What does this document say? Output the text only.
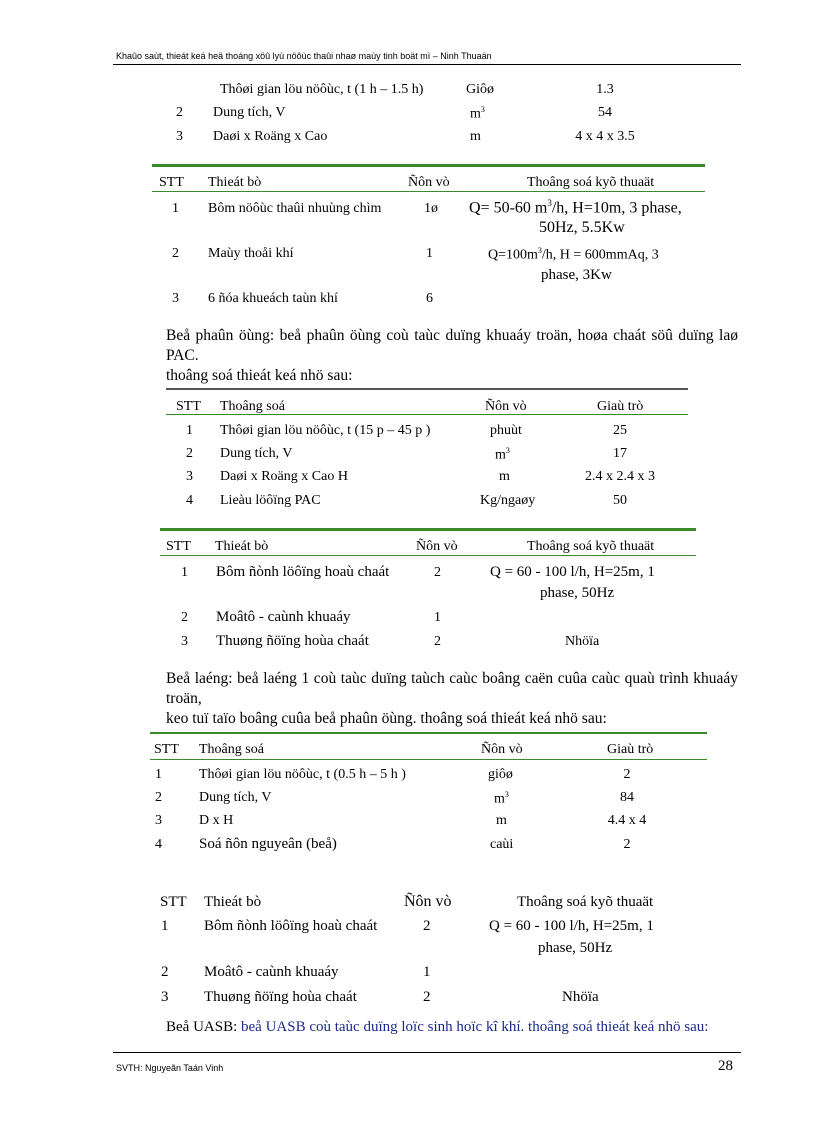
Khaûo saùt, thieát keá heä thoáng xöû lyù nöôùc thaûi nhaø maùy tinh boät mì – Ninh Thuaän
Thôøi gian löu nöôùc, t (1 h – 1.5 h)	Giôø	1.3
2 Dung tích, V	$m^3$	54
3 Daøi x Roäng x Cao	m	4 x 4 x 3.5
STT Thieát bò	Ñôn vò	Thoâng soá kyõ thuaät
1 Bôm nöôùc thaûi nhuùng chìm	1ø Q= 50-60 $m^3/h$, H=10m, 3 phase,
50Hz, 5.5Kw
2 Maùy thoåi khí	1	$Q=100m^3/h$, H = 600mmAq, 3
phase, 3Kw
3 6 ñóa khueách taùn khí	6
Beå phaûn öùng: beå phaûn öùng coù taùc duïng khuaáy troän, hoøa chaát söû duïng laø PAC.
thoâng soá thieát keá nhö sau:
STT Thoâng soá	Ñôn vò	Giaù trò
1 Thôøi gian löu nöôùc, t (15 p – 45 p )	phuùt	25
2 Dung tích, V	$m^3$	17
3 Daøi x Roäng x Cao H	m	2.4 x 2.4 x 3
4 Lieàu löôïng PAC	Kg/ngaøy	50
STT Thieát bò	Ñôn vò	Thoâng soá kyõ thuaät
1 Bôm ñònh löôïng hoaù chaát	2	Q = 60 - 100 l/h, H=25m, 1
phase, 50Hz
2 Moâtô - caùnh khuaáy	1
3 Thuøng ñöïng hoùa chaát	2	Nhöïa
Beå laéng: beå laéng 1 coù taùc duïng taùch caùc boâng caën cuûa caùc quaù trình khuaáy troän,
keo tuï taïo boâng cuûa beå phaûn öùng. thoâng soá thieát keá nhö sau:
STT Thoâng soá	Ñôn vò	Giaù trò
1	Thôøi gian löu nöôùc, t (0.5 h – 5 h )	giôø	2
2	Dung tích, V	$m^3$	84
3	D x H	m	4.4 x 4
4 Soá ñôn nguyeân (beå)	caùi	2
STT Thieát bò	Ñôn vò	Thoâng soá kyõ thuaät
1 Bôm ñònh löôïng hoaù chaát	2	Q = 60 - 100 l/h, H=25m, 1
phase, 50Hz
2 Moâtô - caùnh khuaáy	1
3 Thuøng ñöïng hoùa chaát	2	Nhöïa
Beå UASB: beå UASB coù taùc duïng loïc sinh hoïc kî khí. thoâng soá thieát keá nhö sau:
SVTH: Nguyeãn Taán Vinh	28
